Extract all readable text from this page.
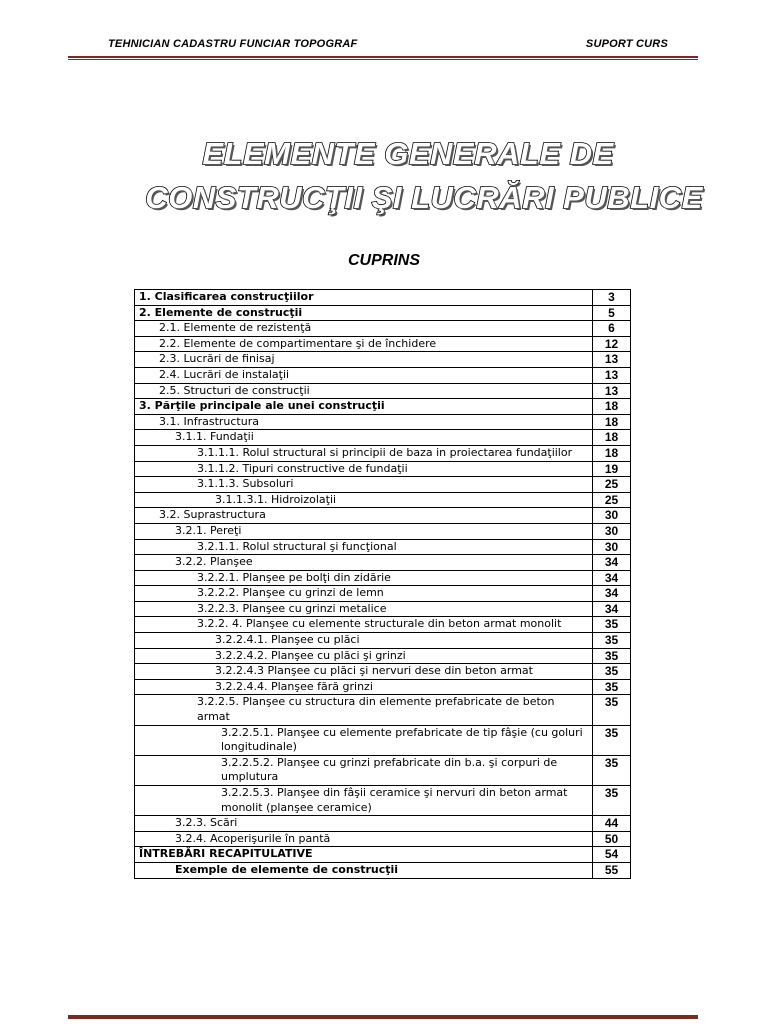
TEHNICIAN CADASTRU FUNCIAR TOPOGRAF	SUPORT CURS
ELEMENTE GENERALE DE
CONSTRUCŢII ŞI LUCRĂRI PUBLICE
CUPRINS
1. Clasificarea construcţiilor	3
2. Elemente de construcţii	5
2.1. Elemente de rezistenţă	6
2.2. Elemente de compartimentare şi de închidere	12
2.3. Lucrări de finisaj	13
2.4. Lucrări de instalaţii	13
2.5. Structuri de construcţii	13
3. Părţile principale ale unei construcţii	18
3.1. Infrastructura	18
3.1.1. Fundaţii	18
3.1.1.1. Rolul structural si principii de baza in proiectarea fundaţiilor	18
3.1.1.2. Tipuri constructive de fundaţii	19
3.1.1.3. Subsoluri	25
3.1.1.3.1. Hidroizolaţii	25
3.2. Suprastructura	30
3.2.1. Pereţi	30
3.2.1.1. Rolul structural şi funcţional	30
3.2.2. Planşee	34
3.2.2.1. Planşee pe bolţi din zidărie	34
3.2.2.2. Planşee cu grinzi de lemn	34
3.2.2.3. Planşee cu grinzi metalice	34
3.2.2. 4. Planşee cu elemente structurale din beton armat monolit	35
3.2.2.4.1. Planşee cu plăci	35
3.2.2.4.2. Planşee cu plăci şi grinzi	35
3.2.2.4.3 Planşee cu plăci şi nervuri dese din beton armat	35
3.2.2.4.4. Planşee fără grinzi	35
3.2.2.5. Planşee cu structura din elemente prefabricate de beton armat	35
3.2.2.5.1. Planşee cu elemente prefabricate de tip fâşie (cu goluri longitudinale)	35
3.2.2.5.2. Planşee cu grinzi prefabricate din b.a. şi corpuri de umplutura	35
3.2.2.5.3. Planşee din fâşii ceramice şi nervuri din beton armat monolit (planşee ceramice)	35
3.2.3. Scări	44
3.2.4. Acoperişurile în pantă	50
ÎNTREBĂRI RECAPITULATIVE	54
Exemple de elemente de construcţii	55
